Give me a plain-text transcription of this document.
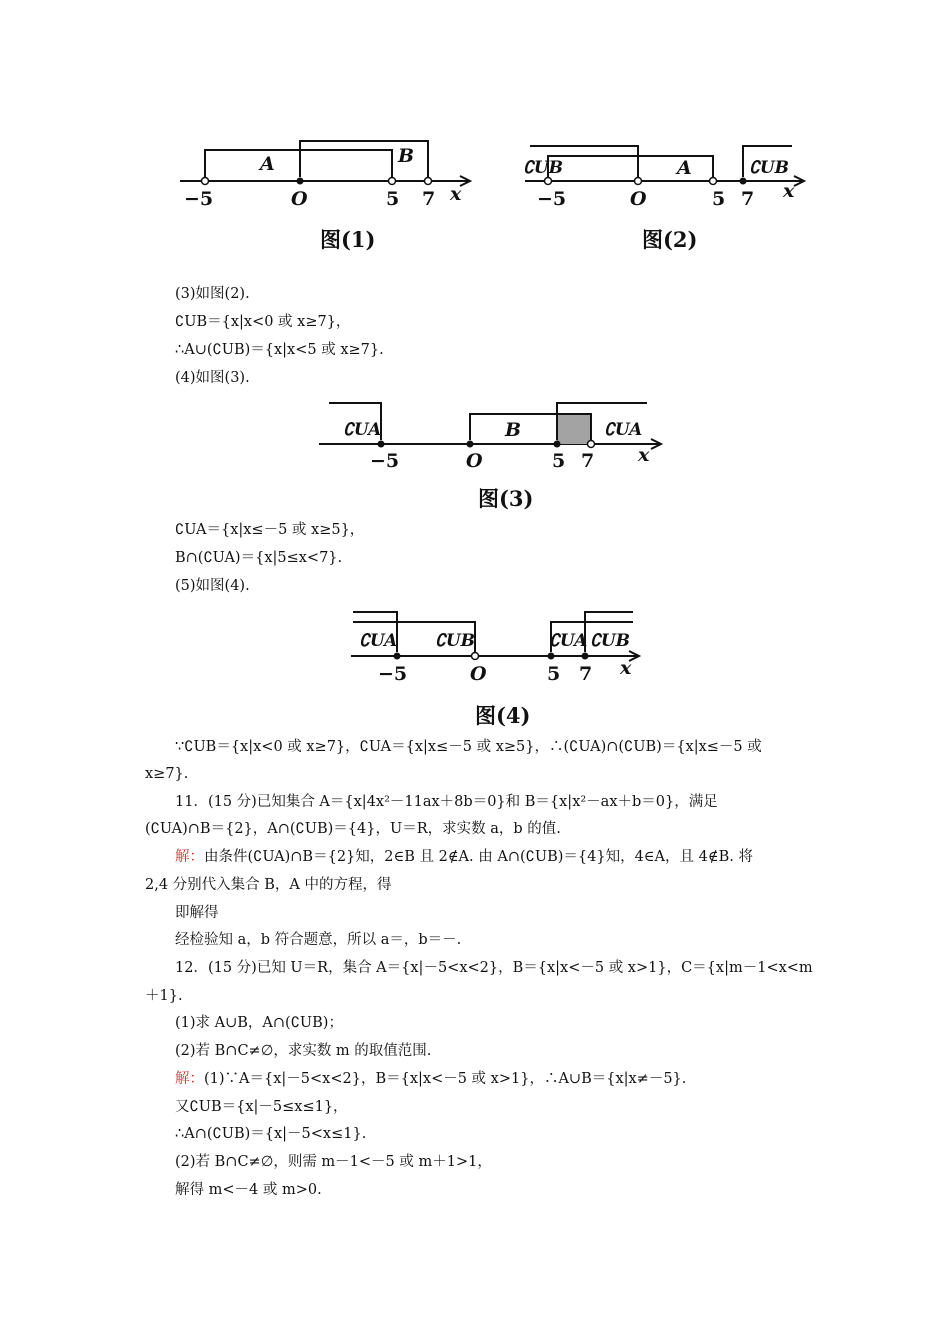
A	B
−5	O	5 7 x
图(1)
∁UB	A	∁UB
−5	O	5 7 x
图(2)
(3)如图(2).
∁UB＝{x|x<0 或 x≥7}，
∴A∪(∁UB)＝{x|x<5 或 x≥7}.
(4)如图(3).
∁UA	B	∁UA
−5	O	5 7 x
图(3)
∁UA＝{x|x≤－5 或 x≥5}，
B∩(∁UA)＝{x|5≤x<7}.
(5)如图(4).
∁UA ∁UB	∁UA ∁UB
−5	O	5 7 x
图(4)
∵∁UB＝{x|x<0 或 x≥7}，∁UA＝{x|x≤－5 或 x≥5}，∴(∁UA)∩(∁UB)＝{x|x≤－5 或
x≥7}.
11．(15 分)已知集合 A＝{x|4x²－11ax＋8b＝0}和 B＝{x|x²－ax＋b＝0}，满足
(∁UA)∩B＝{2}，A∩(∁UB)＝{4}，U＝R，求实数 a，b 的值.
解：由条件(∁UA)∩B＝{2}知，2∈B 且 2∉A. 由 A∩(∁UB)＝{4}知，4∈A，且 4∉B. 将
2,4 分别代入集合 B，A 中的方程，得
即解得
经检验知 a，b 符合题意，所以 a＝，b＝－.
12．(15 分)已知 U＝R，集合 A＝{x|－5<x<2}，B＝{x|x<－5 或 x>1}，C＝{x|m－1<x<m
＋1}.
(1)求 A∪B，A∩(∁UB)；
(2)若 B∩C≠∅，求实数 m 的取值范围.
解：(1)∵A＝{x|－5<x<2}，B＝{x|x<－5 或 x>1}，∴A∪B＝{x|x≠－5}.
又∁UB＝{x|－5≤x≤1}，
∴A∩(∁UB)＝{x|－5<x≤1}.
(2)若 B∩C≠∅，则需 m－1<－5 或 m＋1>1，
解得 m<－4 或 m>0.
